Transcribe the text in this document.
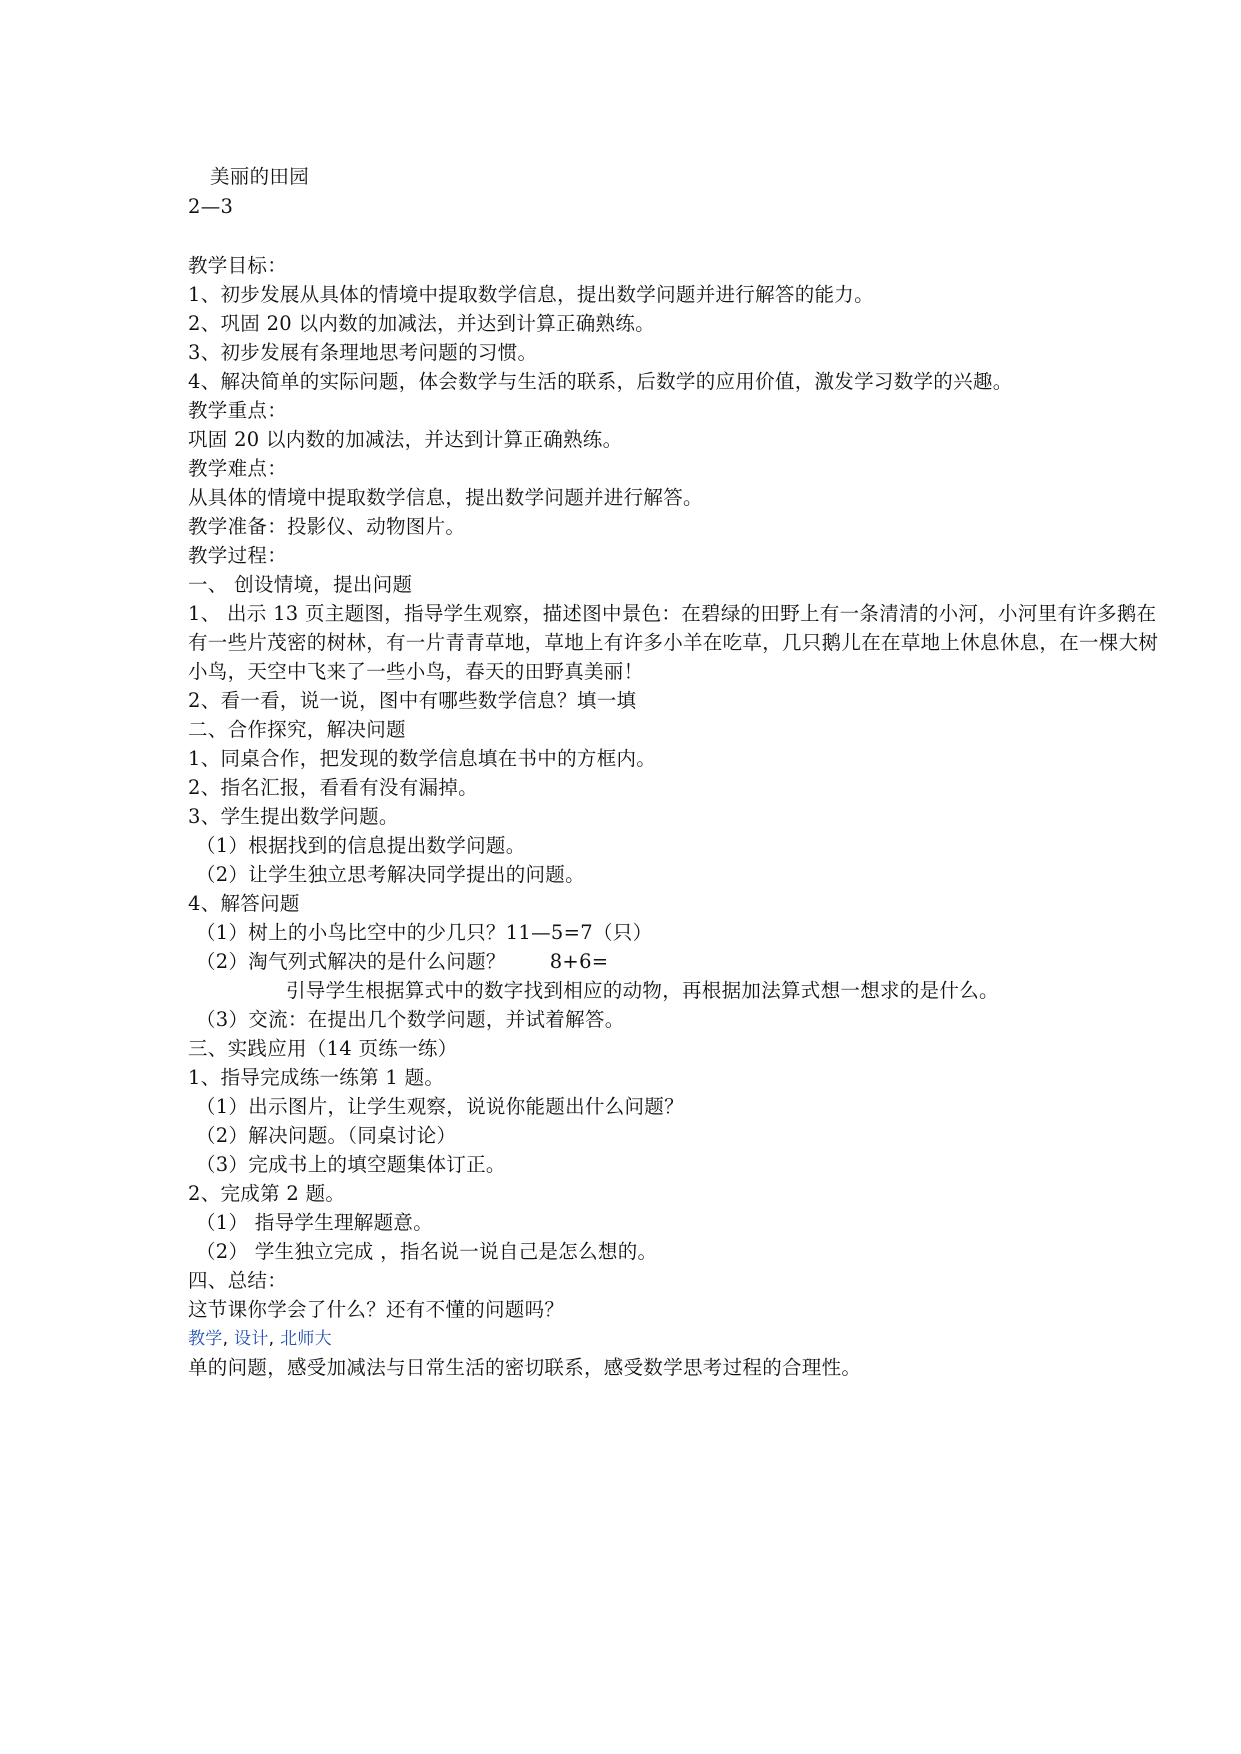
美丽的田园
2—3
教学目标：
1、初步发展从具体的情境中提取数学信息，提出数学问题并进行解答的能力。
2、巩固 20 以内数的加减法，并达到计算正确熟练。
3、初步发展有条理地思考问题的习惯。
4、解决简单的实际问题，体会数学与生活的联系，后数学的应用价值，激发学习数学的兴趣。
教学重点：
巩固 20 以内数的加减法，并达到计算正确熟练。
教学难点：
从具体的情境中提取数学信息，提出数学问题并进行解答。
教学准备：投影仪、动物图片。
教学过程：
一、 创设情境，提出问题
1、 出示 13 页主题图，指导学生观察，描述图中景色：在碧绿的田野上有一条清清的小河，小河里有许多鹅在
有一些片茂密的树林，有一片青青草地，草地上有许多小羊在吃草，几只鹅儿在在草地上休息休息，在一棵大树
小鸟，天空中飞来了一些小鸟，春天的田野真美丽！
2、看一看，说一说，图中有哪些数学信息？填一填
二、合作探究，解决问题
1、同桌合作，把发现的数学信息填在书中的方框内。
2、指名汇报，看看有没有漏掉。
3、学生提出数学问题。
（1）根据找到的信息提出数学问题。
（2）让学生独立思考解决同学提出的问题。
4、解答问题
（1）树上的小鸟比空中的少几只？11—5=7（只）
（2）淘气列式解决的是什么问题？ 8+6=
引导学生根据算式中的数字找到相应的动物，再根据加法算式想一想求的是什么。
（3）交流：在提出几个数学问题，并试着解答。
三、实践应用（14 页练一练）
1、指导完成练一练第 1 题。
（1）出示图片，让学生观察，说说你能题出什么问题？
（2）解决问题。（同桌讨论）
（3）完成书上的填空题集体订正。
2、完成第 2 题。
（1） 指导学生理解题意。
（2） 学生独立完成 ，指名说一说自己是怎么想的。
四、总结：
这节课你学会了什么？还有不懂的问题吗？
教学, 设计, 北师大
单的问题，感受加减法与日常生活的密切联系，感受数学思考过程的合理性。
